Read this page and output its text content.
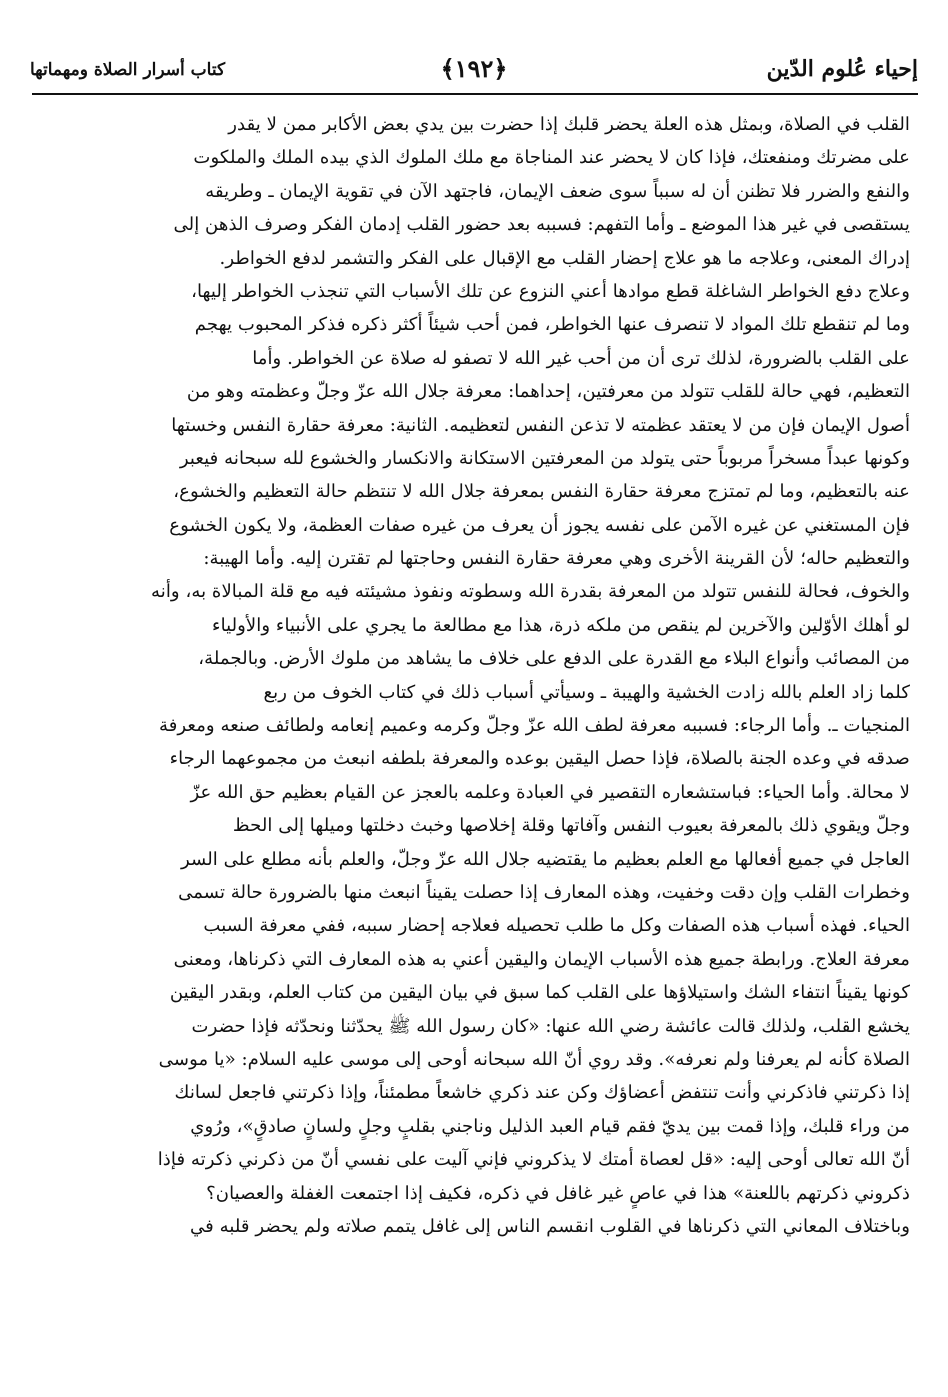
إحياء عُلوم الدّين
﴿١٩٢﴾
كتاب أسرار الصلاة ومهماتها
القلب في الصلاة، وبمثل هذه العلة يحضر قلبك إذا حضرت بين يدي بعض الأكابر ممن لا يقدر
على مضرتك ومنفعتك، فإذا كان لا يحضر عند المناجاة مع ملك الملوك الذي بيده الملك والملكوت
والنفع والضرر فلا تظنن أن له سبباً سوى ضعف الإيمان، فاجتهد الآن في تقوية الإيمان ـ وطريقه
يستقصى في غير هذا الموضع ـ وأما التفهم: فسببه بعد حضور القلب إدمان الفكر وصرف الذهن إلى
إدراك المعنى، وعلاجه ما هو علاج إحضار القلب مع الإقبال على الفكر والتشمر لدفع الخواطر.
وعلاج دفع الخواطر الشاغلة قطع موادها أعني النزوع عن تلك الأسباب التي تنجذب الخواطر إليها،
وما لم تنقطع تلك المواد لا تنصرف عنها الخواطر، فمن أحب شيئاً أكثر ذكره فذكر المحبوب يهجم
على القلب بالضرورة، لذلك ترى أن من أحب غير الله لا تصفو له صلاة عن الخواطر. وأما
التعظيم، فهي حالة للقلب تتولد من معرفتين، إحداهما: معرفة جلال الله عزّ وجلّ وعظمته وهو من
أصول الإيمان فإن من لا يعتقد عظمته لا تذعن النفس لتعظيمه. الثانية: معرفة حقارة النفس وخستها
وكونها عبداً مسخراً مربوباً حتى يتولد من المعرفتين الاستكانة والانكسار والخشوع لله سبحانه فيعبر
عنه بالتعظيم، وما لم تمتزج معرفة حقارة النفس بمعرفة جلال الله لا تنتظم حالة التعظيم والخشوع،
فإن المستغني عن غيره الآمن على نفسه يجوز أن يعرف من غيره صفات العظمة، ولا يكون الخشوع
والتعظيم حاله؛ لأن القرينة الأخرى وهي معرفة حقارة النفس وحاجتها لم تقترن إليه. وأما الهيبة:
والخوف، فحالة للنفس تتولد من المعرفة بقدرة الله وسطوته ونفوذ مشيئته فيه مع قلة المبالاة به، وأنه
لو أهلك الأوّلين والآخرين لم ينقص من ملكه ذرة، هذا مع مطالعة ما يجري على الأنبياء والأولياء
من المصائب وأنواع البلاء مع القدرة على الدفع على خلاف ما يشاهد من ملوك الأرض. وبالجملة،
كلما زاد العلم بالله زادت الخشية والهيبة ـ وسيأتي أسباب ذلك في كتاب الخوف من ربع
المنجيات ـ. وأما الرجاء: فسببه معرفة لطف الله عزّ وجلّ وكرمه وعميم إنعامه ولطائف صنعه ومعرفة
صدقه في وعده الجنة بالصلاة، فإذا حصل اليقين بوعده والمعرفة بلطفه انبعث من مجموعهما الرجاء
لا محالة. وأما الحياء: فباستشعاره التقصير في العبادة وعلمه بالعجز عن القيام بعظيم حق الله عزّ
وجلّ ويقوي ذلك بالمعرفة بعيوب النفس وآفاتها وقلة إخلاصها وخبث دخلتها وميلها إلى الحظ
العاجل في جميع أفعالها مع العلم بعظيم ما يقتضيه جلال الله عزّ وجلّ، والعلم بأنه مطلع على السر
وخطرات القلب وإن دقت وخفيت، وهذه المعارف إذا حصلت يقيناً انبعث منها بالضرورة حالة تسمى
الحياء. فهذه أسباب هذه الصفات وكل ما طلب تحصيله فعلاجه إحضار سببه، ففي معرفة السبب
معرفة العلاج. ورابطة جميع هذه الأسباب الإيمان واليقين أعني به هذه المعارف التي ذكرناها، ومعنى
كونها يقيناً انتفاء الشك واستيلاؤها على القلب كما سبق في بيان اليقين من كتاب العلم، وبقدر اليقين
يخشع القلب، ولذلك قالت عائشة رضي الله عنها: «كان رسول الله ﷺ يحدّثنا ونحدّثه فإذا حضرت
الصلاة كأنه لم يعرفنا ولم نعرفه». وقد روي أنّ الله سبحانه أوحى إلى موسى عليه السلام: «يا موسى
إذا ذكرتني فاذكرني وأنت تنتفض أعضاؤك وكن عند ذكري خاشعاً مطمئناً، وإذا ذكرتني فاجعل لسانك
من وراء قلبك، وإذا قمت بين يديّ فقم قيام العبد الذليل وناجني بقلبٍ وجلٍ ولسانٍ صادقٍ»، ورُوي
أنّ الله تعالى أوحى إليه: «قل لعصاة أمتك لا يذكروني فإني آليت على نفسي أنّ من ذكرني ذكرته فإذا
ذكروني ذكرتهم باللعنة» هذا في عاصٍ غير غافل في ذكره، فكيف إذا اجتمعت الغفلة والعصيان؟
وباختلاف المعاني التي ذكرناها في القلوب انقسم الناس إلى غافل يتمم صلاته ولم يحضر قلبه في
